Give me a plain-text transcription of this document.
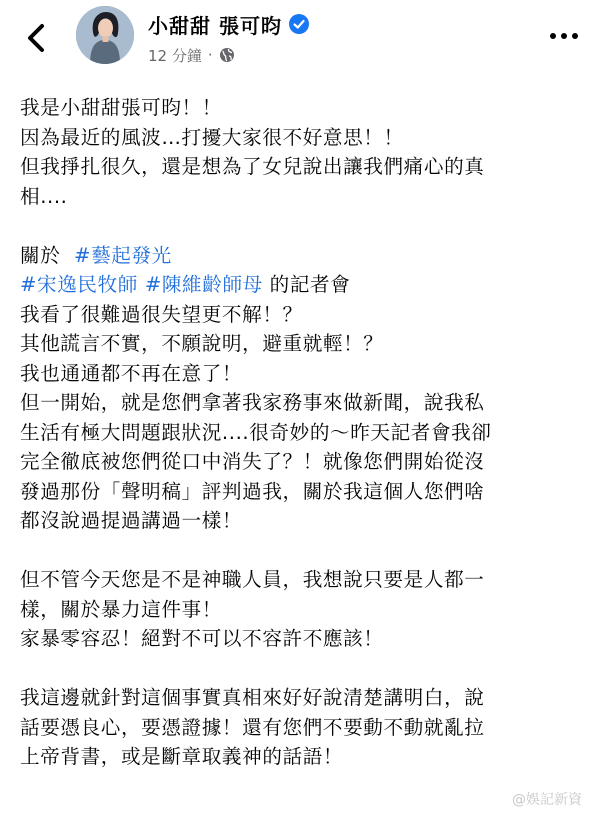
小甜甜 張可昀
12 分鐘 ·
我是小甜甜張可昀！！
因為最近的風波…打擾大家很不好意思！！
但我掙扎很久，還是想為了女兒說出讓我們痛心的真
相....
關於  #藝起發光
#宋逸民牧師 #陳維齡師母 的記者會
我看了很難過很失望更不解！？
其他謊言不實，不願說明，避重就輕！？
我也通通都不再在意了！
但一開始，就是您們拿著我家務事來做新聞，說我私
生活有極大問題跟狀況....很奇妙的～昨天記者會我卻
完全徹底被您們從口中消失了？！就像您們開始從沒
發過那份「聲明稿」評判過我，關於我這個人您們啥
都沒說過提過講過一樣！
但不管今天您是不是神職人員，我想說只要是人都一
樣，關於暴力這件事！
家暴零容忍！絕對不可以不容許不應該！
我這邊就針對這個事實真相來好好說清楚講明白，說
話要憑良心，要憑證據！還有您們不要動不動就亂拉
上帝背書，或是斷章取義神的話語！
@娛記新資
